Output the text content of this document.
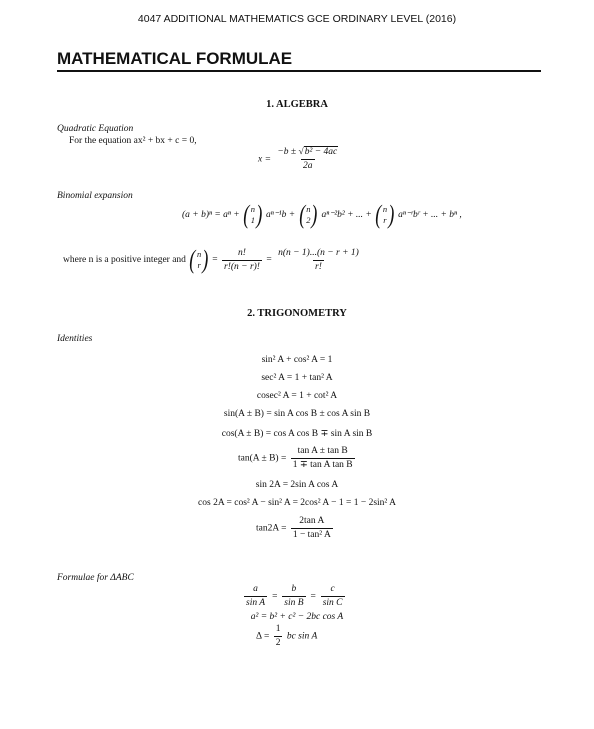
4047 ADDITIONAL MATHEMATICS GCE ORDINARY LEVEL (2016)
MATHEMATICAL FORMULAE
1. ALGEBRA
Quadratic Equation
For the equation ax² + bx + c = 0,
$x = \frac{\text{−b ± √b² − 4ac}}{2a}$
Binomial expansion
(a + b)ⁿ = aⁿ + ( n
1 ) aⁿ⁻¹b + ( n
2 ) aⁿ⁻²b² + ... + ( n
r ) aⁿ⁻ʳbʳ + ... + bⁿ ,
where n is a positive integer and ( n
r ) = $\frac{n!}{r!(n - r)!} = \frac{n(n - 1)...(n - r + 1)}{r!}$
2. TRIGONOMETRY
Identities
sin² A + cos² A = 1
sec² A = 1 + tan² A
cosec² A = 1 + cot² A
sin(A ± B) = sin A cos B ± cos A sin B
cos(A ± B) = cos A cos B ∓ sin A sin B
$\tan(A \pm B) = \frac{\text{tan A ± tan B}}{\text{1 ∓ tan A tan B}}$
sin 2A = 2sin A cos A
cos 2A = cos² A − sin² A = 2cos² A − 1 = 1 − 2sin² A
$\tan 2A = \frac{\text{2tan A}}{\text{1 − tan² A}}$
Formulae for ΔABC
$\frac{a}{\text{sin A}} = \frac{b}{\text{sin B}} = \frac{c}{\text{sin C}}$
a² = b² + c² − 2bc cos A
$\Delta = \frac{1}{2}$ bc sin A
